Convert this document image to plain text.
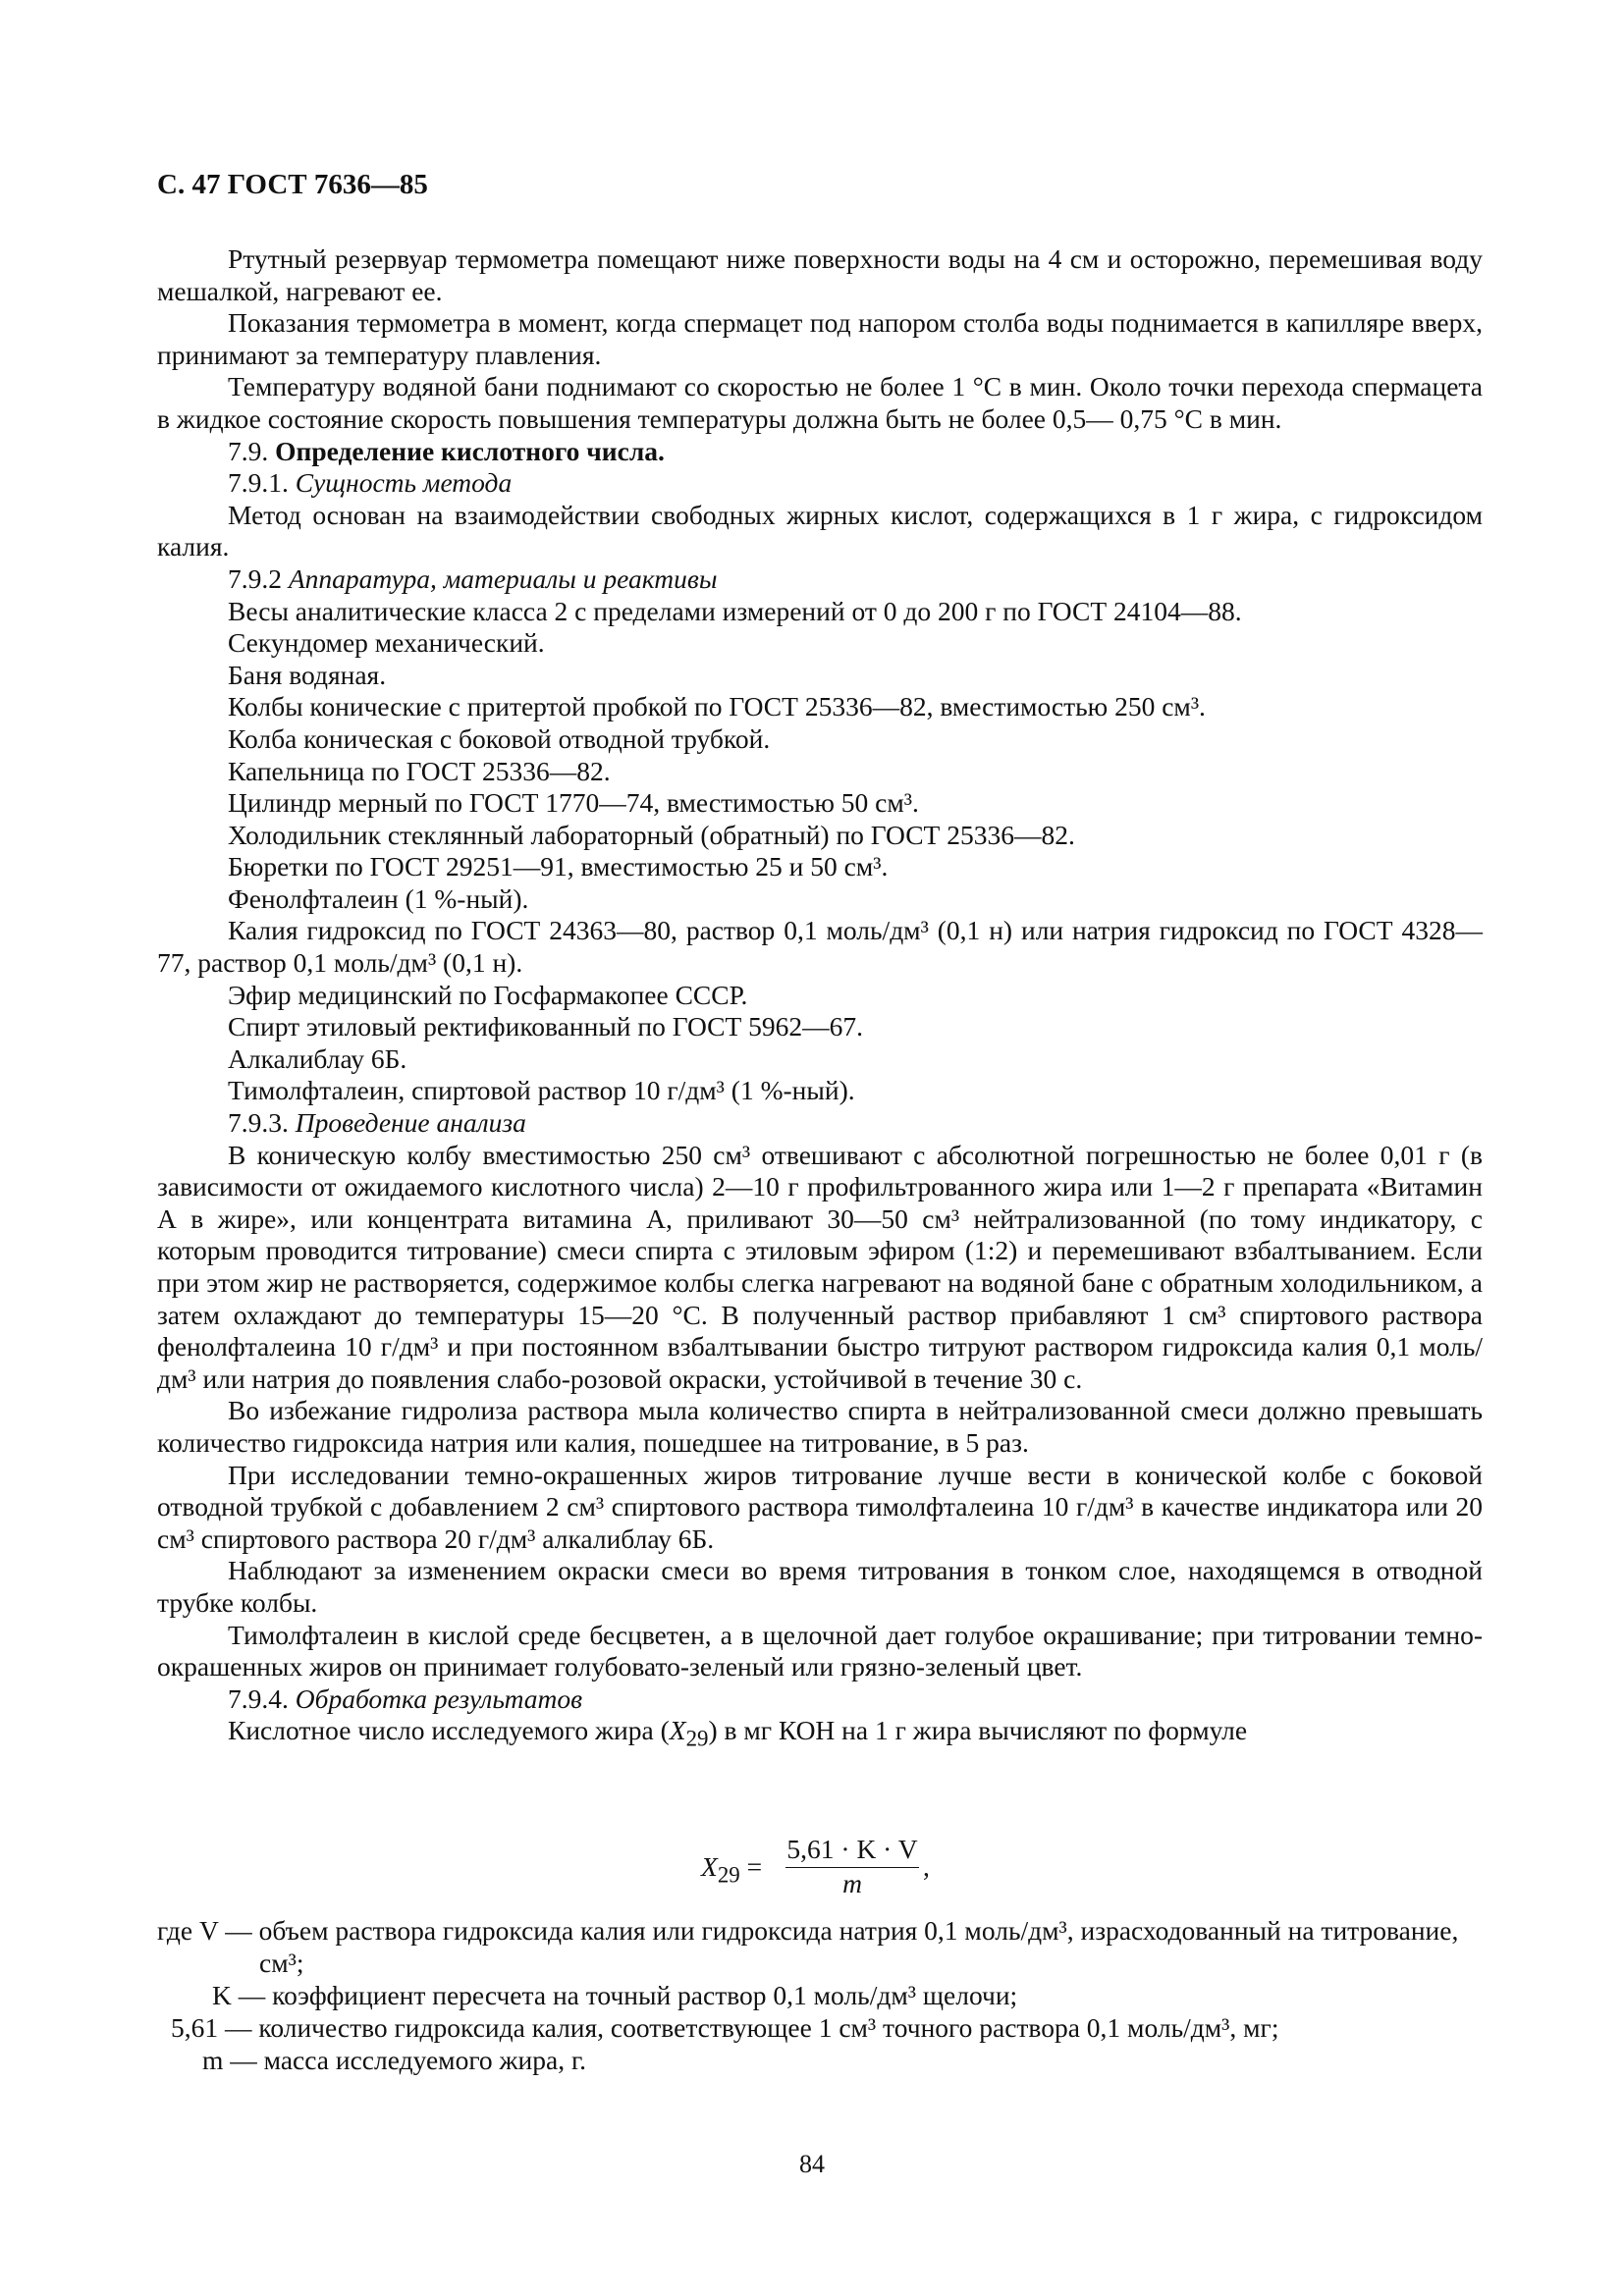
С. 47 ГОСТ 7636—85

Ртутный резервуар термометра помещают ниже поверхности воды на 4 см и осторожно, перемешивая воду мешалкой, нагревают ее.

Показания термометра в момент, когда спермацет под напором столба воды поднимается в капилляре вверх, принимают за температуру плавления.

Температуру водяной бани поднимают со скоростью не более 1 °С в мин. Около точки перехода спермацета в жидкое состояние скорость повышения температуры должна быть не более 0,5— 0,75 °С в мин.

7.9. Определение кислотного числа.

7.9.1. Сущность метода

Метод основан на взаимодействии свободных жирных кислот, содержащихся в 1 г жира, с гидроксидом калия.

7.9.2 Аппаратура, материалы и реактивы

Весы аналитические класса 2 с пределами измерений от 0 до 200 г по ГОСТ 24104—88.

Секундомер механический.

Баня водяная.

Колбы конические с притертой пробкой по ГОСТ 25336—82, вместимостью 250 см³.

Колба коническая с боковой отводной трубкой.

Капельница по ГОСТ 25336—82.

Цилиндр мерный по ГОСТ 1770—74, вместимостью 50 см³.

Холодильник стеклянный лабораторный (обратный) по ГОСТ 25336—82.

Бюретки по ГОСТ 29251—91, вместимостью 25 и 50 см³.

Фенолфталеин (1 %-ный).

Калия гидроксид по ГОСТ 24363—80, раствор 0,1 моль/дм³ (0,1 н) или натрия гидроксид по ГОСТ 4328—77, раствор 0,1 моль/дм³ (0,1 н).

Эфир медицинский по Госфармакопее СССР.

Спирт этиловый ректификованный по ГОСТ 5962—67.

Алкалиблау 6Б.

Тимолфталеин, спиртовой раствор 10 г/дм³ (1 %-ный).

7.9.3. Проведение анализа

В коническую колбу вместимостью 250 см³ отвешивают с абсолютной погрешностью не более 0,01 г (в зависимости от ожидаемого кислотного числа) 2—10 г профильтрованного жира или 1—2 г препарата «Витамин А в жире», или концентрата витамина А, приливают 30—50 см³ нейтрализованной (по тому индикатору, с которым проводится титрование) смеси спирта с этиловым эфиром (1:2) и перемешивают взбалтыванием. Если при этом жир не растворяется, содержимое колбы слегка нагревают на водяной бане с обратным холодильником, а затем охлаждают до температуры 15—20 °С. В полученный раствор прибавляют 1 см³ спиртового раствора фенолфталеина 10 г/дм³ и при постоянном взбалтывании быстро титруют раствором гидроксида калия 0,1 моль/дм³ или натрия до появления слабо-розовой окраски, устойчивой в течение 30 с.

Во избежание гидролиза раствора мыла количество спирта в нейтрализованной смеси должно превышать количество гидроксида натрия или калия, пошедшее на титрование, в 5 раз.

При исследовании темно-окрашенных жиров титрование лучше вести в конической колбе с боковой отводной трубкой с добавлением 2 см³ спиртового раствора тимолфталеина 10 г/дм³ в качестве индикатора или 20 см³ спиртового раствора 20 г/дм³ алкалиблау 6Б.

Наблюдают за изменением окраски смеси во время титрования в тонком слое, находящемся в отводной трубке колбы.

Тимолфталеин в кислой среде бесцветен, а в щелочной дает голубое окрашивание; при титровании темно-окрашенных жиров он принимает голубовато-зеленый или грязно-зеленый цвет.

7.9.4. Обработка результатов

Кислотное число исследуемого жира $(X_{29})$ в мг КОН на 1 г жира вычисляют по формуле

$X_{29} = \frac{5,61 \cdot K \cdot V}{m}$ ,
где V — объем раствора гидроксида калия или гидроксида натрия 0,1 моль/дм³, израсходованный на титрование, см³;
K — коэффициент пересчета на точный раствор 0,1 моль/дм³ щелочи;
5,61 — количество гидроксида калия, соответствующее 1 см³ точного раствора 0,1 моль/дм³, мг;
m — масса исследуемого жира, г.
84
